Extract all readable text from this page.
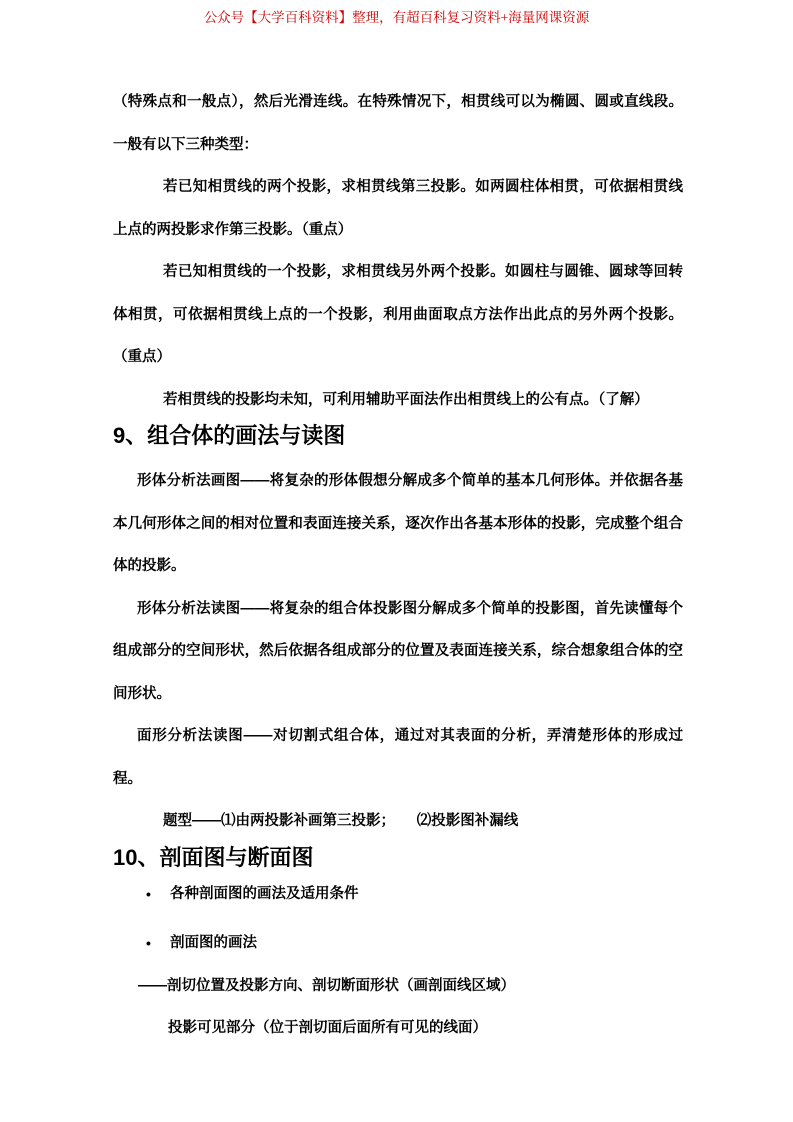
公众号【大学百科资料】整理，有超百科复习资料+海量网课资源
（特殊点和一般点），然后光滑连线。在特殊情况下，相贯线可以为椭圆、圆或直线段。一般有以下三种类型：
若已知相贯线的两个投影，求相贯线第三投影。如两圆柱体相贯，可依据相贯线上点的两投影求作第三投影。（重点）
若已知相贯线的一个投影，求相贯线另外两个投影。如圆柱与圆锥、圆球等回转体相贯，可依据相贯线上点的一个投影，利用曲面取点方法作出此点的另外两个投影。（重点）
若相贯线的投影均未知，可利用辅助平面法作出相贯线上的公有点。（了解）
9、组合体的画法与读图
形体分析法画图——将复杂的形体假想分解成多个简单的基本几何形体。并依据各基本几何形体之间的相对位置和表面连接关系，逐次作出各基本形体的投影，完成整个组合体的投影。
形体分析法读图——将复杂的组合体投影图分解成多个简单的投影图，首先读懂每个组成部分的空间形状，然后依据各组成部分的位置及表面连接关系，综合想象组合体的空间形状。
面形分析法读图——对切割式组合体，通过对其表面的分析，弄清楚形体的形成过程。
题型——⑴由两投影补画第三投影；　　⑵投影图补漏线
10、剖面图与断面图
•	各种剖面图的画法及适用条件
•	剖面图的画法
——剖切位置及投影方向、剖切断面形状（画剖面线区域）
投影可见部分（位于剖切面后面所有可见的线面）
